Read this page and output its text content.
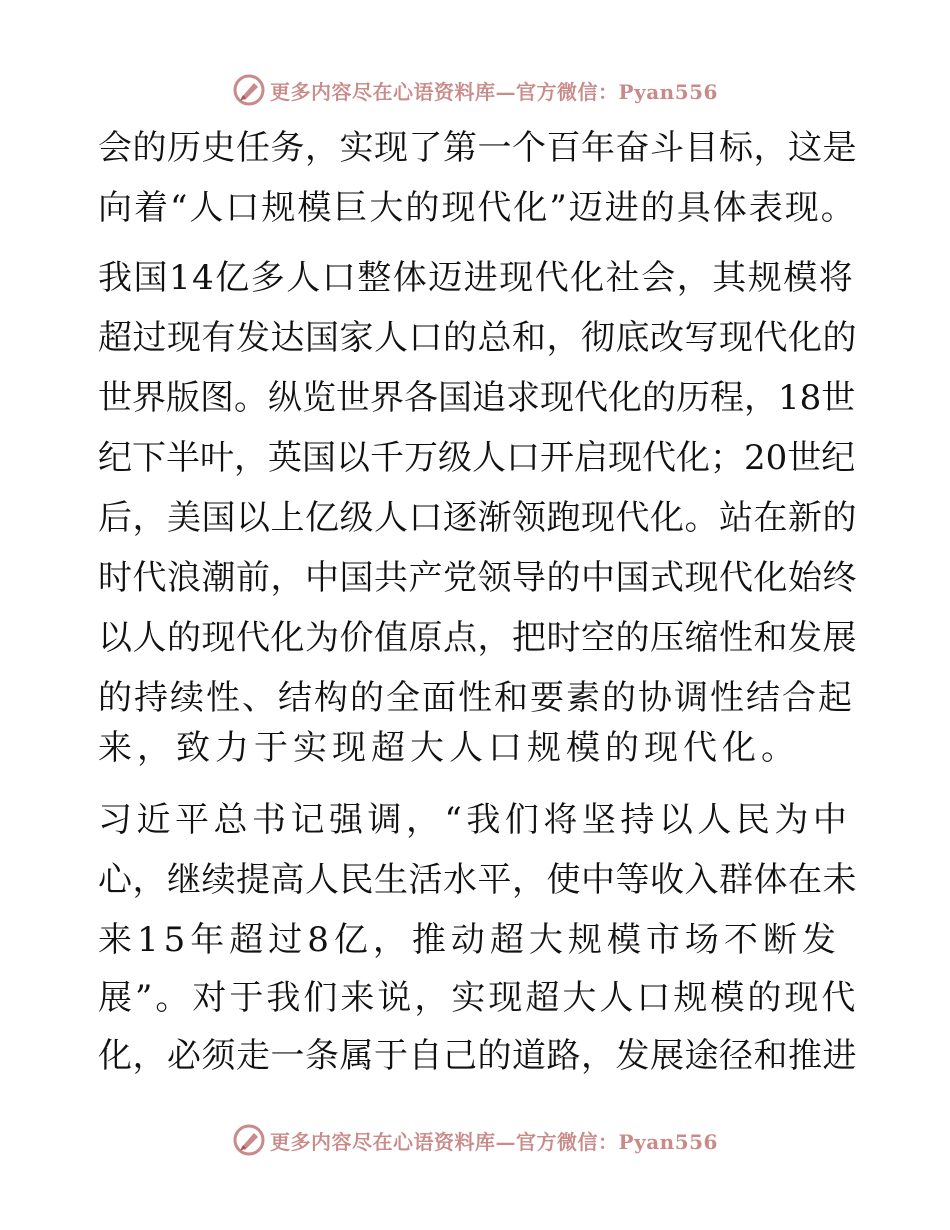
更多内容尽在心语资料库—官方微信：Pyan556
会的历史任务，实现了第一个百年奋斗目标，这是
向着“人口规模巨大的现代化”迈进的具体表现。
我国14亿多人口整体迈进现代化社会，其规模将
超过现有发达国家人口的总和，彻底改写现代化的
世界版图。纵览世界各国追求现代化的历程，18世
纪下半叶，英国以千万级人口开启现代化；20世纪
后，美国以上亿级人口逐渐领跑现代化。站在新的
时代浪潮前，中国共产党领导的中国式现代化始终
以人的现代化为价值原点，把时空的压缩性和发展
的持续性、结构的全面性和要素的协调性结合起
来，致力于实现超大人口规模的现代化。
习近平总书记强调，“我们将坚持以人民为中
心，继续提高人民生活水平，使中等收入群体在未
来15年超过8亿，推动超大规模市场不断发
展”。对于我们来说，实现超大人口规模的现代
化，必须走一条属于自己的道路，发展途径和推进
更多内容尽在心语资料库—官方微信：Pyan556
